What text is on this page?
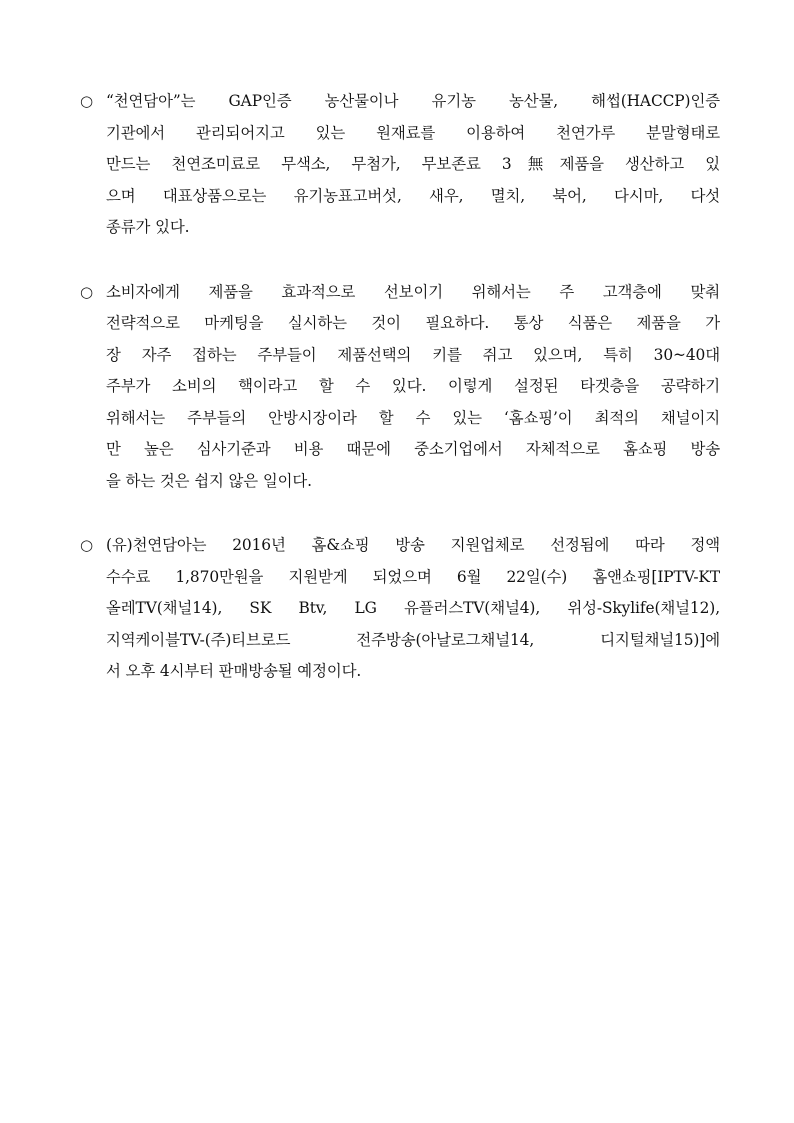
○ “천연담아”는 GAP인증 농산물이나 유기농 농산물, 해썹(HACCP)인증
기관에서 관리되어지고 있는 원재료를 이용하여 천연가루 분말형태로
만드는 천연조미료로 무색소, 무첨가, 무보존료 3無제품을 생산하고 있
으며 대표상품으로는 유기농표고버섯, 새우, 멸치, 북어, 다시마, 다섯
종류가 있다.
○ 소비자에게 제품을 효과적으로 선보이기 위해서는 주 고객층에 맞춰
전략적으로 마케팅을 실시하는 것이 필요하다. 통상 식품은 제품을 가
장 자주 접하는 주부들이 제품선택의 키를 쥐고 있으며, 특히 30~40대
주부가 소비의 핵이라고 할 수 있다. 이렇게 설정된 타겟층을 공략하기
위해서는 주부들의 안방시장이라 할 수 있는 ‘홈쇼핑’이 최적의 채널이지
만 높은 심사기준과 비용 때문에 중소기업에서 자체적으로 홈쇼핑 방송
을 하는 것은 쉽지 않은 일이다.
○ (유)천연담아는 2016년 홈&쇼핑 방송 지원업체로 선정됨에 따라 정액
수수료 1,870만원을 지원받게 되었으며 6월 22일(수) 홈앤쇼핑[IPTV-KT
올레TV(채널14), SK Btv, LG 유플러스TV(채널4), 위성-Skylife(채널12),
지역케이블TV-(주)티브로드 전주방송(아날로그채널14, 디지털채널15)]에
서 오후 4시부터 판매방송될 예정이다.
